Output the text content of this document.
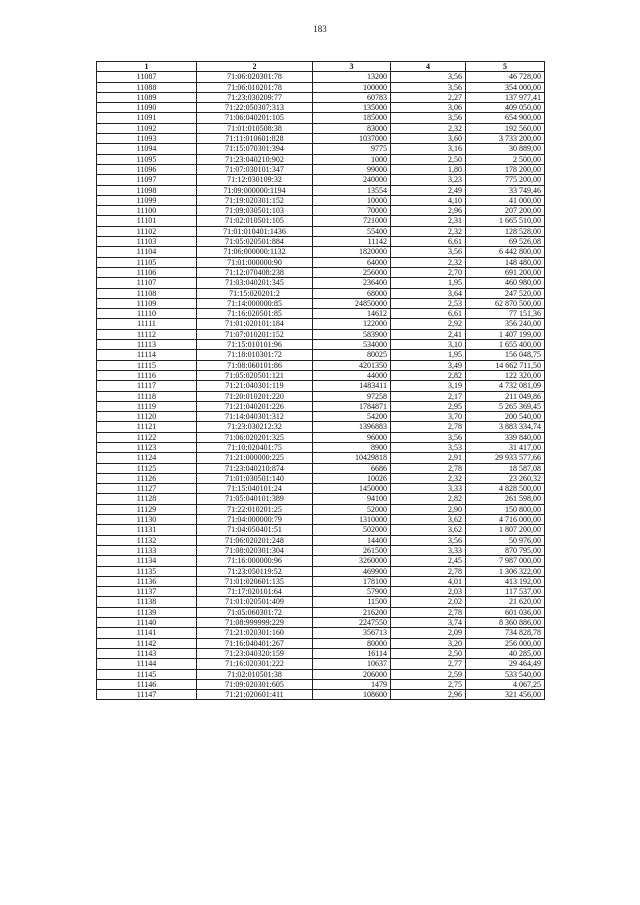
183
1	2	3	4	5
11087	71:06:020301:78	13200	3,56	46 728,00
11088	71:06:010201:78	100000	3,56	354 000,00
11089	71:23:030209:77	60783	2,27	137 977,41
11090	71:22:050307:313	135000	3,06	409 050,00
11091	71:06:040201:105	185000	3,56	654 900,00
11092	71:01:010508:38	83000	2,32	192 560,00
11093	71:11:010601:828	1037000	3,60	3 733 200,00
11094	71:15:070301:394	9775	3,16	30 889,00
11095	71:23:040210:902	1000	2,50	2 500,00
11096	71:07:030101:347	99000	1,80	178 200,00
11097	71:12:030109:32	240000	3,23	775 200,00
11098	71:09:000000:1194	13554	2,49	33 749,46
11099	71:19:020301:152	10000	4,10	41 000,00
11100	71:09:030501:103	70000	2,96	207 200,00
11101	71:02:010501:105	721000	2,31	1 665 510,00
11102	71:01:010401:1436	55400	2,32	128 528,00
11103	71:05:020501:884	11142	6,61	69 526,08
11104	71:06:000000:1132	1820000	3,56	6 442 800,00
11105	71:01:000000:90	64000	2,32	148 480,00
11106	71:12:070408:238	256000	2,70	691 200,00
11107	71:03:040201:345	236400	1,95	460 980,00
11108	71:15:020201:2	68000	3,64	247 520,00
11109	71:14:000000:85	24850000	2,53	62 870 500,00
11110	71:16:020501:85	14612	6,61	77 151,36
11111	71:01:020101:184	122000	2,92	356 240,00
11112	71:07:010201:152	583900	2,41	1 407 199,00
11113	71:15:010101:96	534000	3,10	1 655 400,00
11114	71:18:010301:72	80025	1,95	156 048,75
11115	71:08:060101:86	4201350	3,49	14 662 711,50
11116	71:05:020501:121	44000	2,82	122 320,00
11117	71:21:040301:119	1483411	3,19	4 732 081,09
11118	71:20:010201:220	97258	2,17	211 049,86
11119	71:21:040201:226	1784871	2,95	5 265 369,45
11120	71:14:040301:312	54200	3,70	200 540,00
11121	71:23:030212:32	1396883	2,78	3 883 334,74
11122	71:06:020201:325	96000	3,56	339 840,00
11123	71:10:020401:75	8900	3,53	31 417,00
11124	71:21:000000:225	10429818	2,91	29 933 577,66
11125	71:23:040210:874	6686	2,78	18 587,08
11126	71:01:030501:140	10026	2,32	23 260,32
11127	71:15:040101:24	1450000	3,33	4 828 500,00
11128	71:05:040101:389	94100	2,82	261 598,00
11129	71:22:010201:25	52000	2,90	150 800,00
11130	71:04:000000:79	1310000	3,62	4 716 000,00
11131	71:04:050401:51	502000	3,62	1 807 200,00
11132	71:06:020201:248	14400	3,56	50 976,00
11133	71:08:020301:304	261500	3,33	870 795,00
11134	71:16:000000:96	3260000	2,45	7 987 000,00
11135	71:23:050119:52	469900	2,78	1 306 322,00
11136	71:01:020601:135	178100	4,01	413 192,00
11137	71:17:020101:64	57900	2,03	117 537,00
11138	71:01:020501:409	11500	2,02	21 620,00
11139	71:05:060301:72	216200	2,78	601 036,00
11140	71:08:999999:229	2247550	3,74	8 360 886,00
11141	71:21:020301:160	356713	2,09	734 828,78
11142	71:16:040401:267	80000	3,20	256 000,00
11143	71:23:040320:159	16114	2,50	40 285,00
11144	71:16:020301:222	10637	2,77	29 464,49
11145	71:02:010501:38	206000	2,59	533 540,00
11146	71:09:020301:605	1479	2,75	4 067,25
11147	71:21:020601:411	108600	2,96	321 456,00
